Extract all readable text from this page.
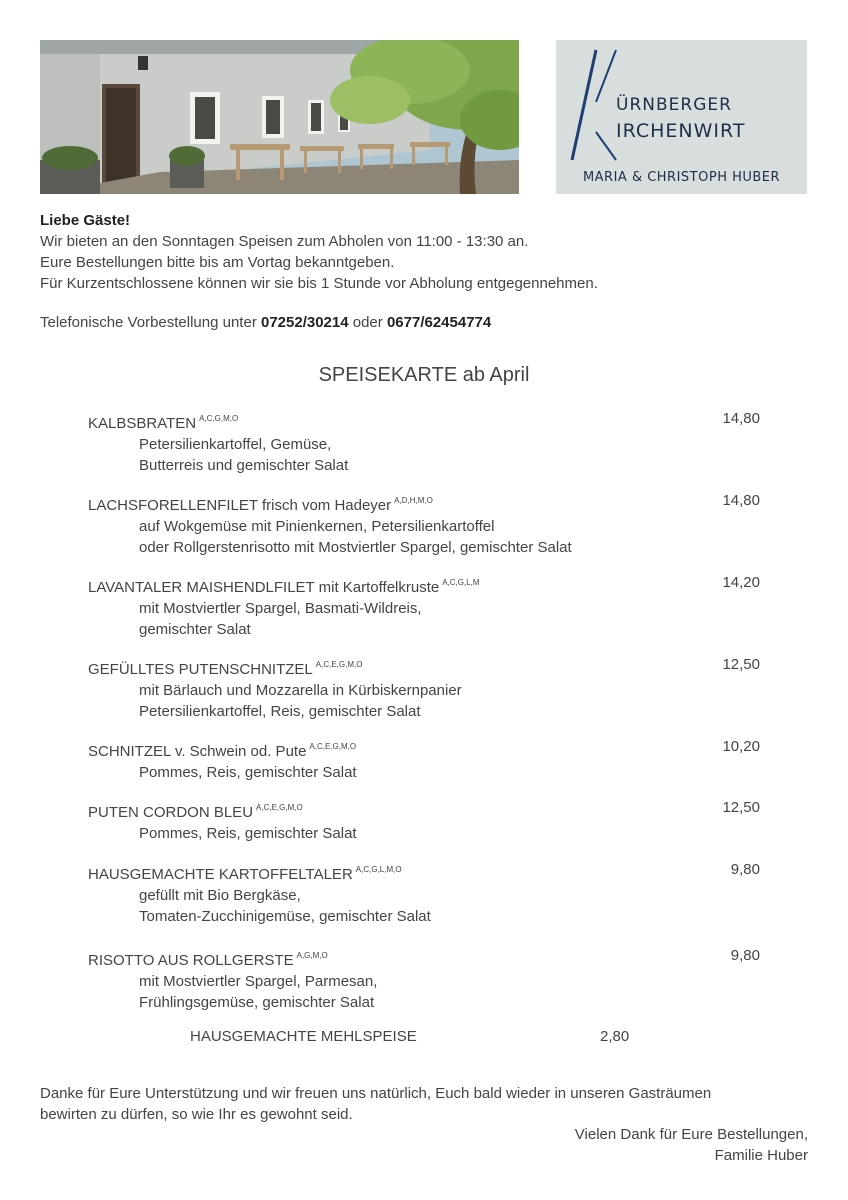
ÜRNBERGER
IRCHENWIRT
MARIA & CHRISTOPH HUBER
Liebe Gäste!
Wir bieten an den Sonntagen Speisen zum Abholen von 11:00 - 13:30 an.
Eure Bestellungen bitte bis am Vortag bekanntgeben.
Für Kurzentschlossene können wir sie bis 1 Stunde vor Abholung entgegennehmen.
Telefonische Vorbestellung unter 07252/30214 oder 0677/62454774
SPEISEKARTE ab April
KALBSBRATEN $^{A,C,G,M,O}$
Petersilienkartoffel, Gemüse,
Butterreis und gemischter Salat
14,80
LACHSFORELLENFILET frisch vom Hadeyer $^{A,D,H,M,O}$
auf Wokgemüse mit Pinienkernen, Petersilienkartoffel
oder Rollgerstenrisotto mit Mostviertler Spargel, gemischter Salat
14,80
LAVANTALER MAISHENDLFILET mit Kartoffelkruste $^{A,C,G,L,M}$
mit Mostviertler Spargel, Basmati-Wildreis,
gemischter Salat
14,20
GEFÜLLTES PUTENSCHNITZEL $^{A,C,E,G,M,O}$
mit Bärlauch und Mozzarella in Kürbiskernpanier
Petersilienkartoffel, Reis, gemischter Salat
12,50
SCHNITZEL v. Schwein od. Pute $^{A,C,E,G,M,O}$
Pommes, Reis, gemischter Salat
10,20
PUTEN CORDON BLEU $^{A,C,E,G,M,O}$
Pommes, Reis, gemischter Salat
12,50
HAUSGEMACHTE KARTOFFELTALER $^{A,C,G,L,M,O}$
gefüllt mit Bio Bergkäse,
Tomaten-Zucchinigemüse, gemischter Salat
9,80
RISOTTO AUS ROLLGERSTE $^{A,G,M,O}$
mit Mostviertler Spargel, Parmesan,
Frühlingsgemüse, gemischter Salat
9,80
HAUSGEMACHTE MEHLSPEISE	2,80
Danke für Eure Unterstützung und wir freuen uns natürlich, Euch bald wieder in unseren Gasträumen
bewirten zu dürfen, so wie Ihr es gewohnt seid.
Vielen Dank für Eure Bestellungen,
Familie Huber
